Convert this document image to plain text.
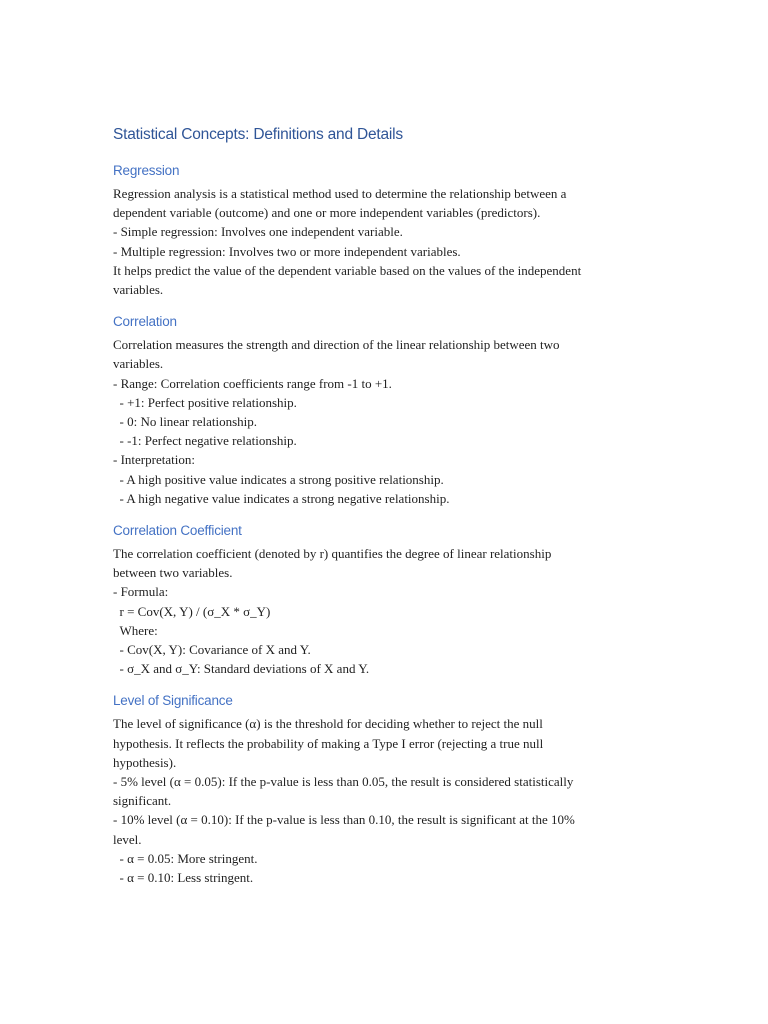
Statistical Concepts: Definitions and Details
Regression
Regression analysis is a statistical method used to determine the relationship between a
dependent variable (outcome) and one or more independent variables (predictors).
- Simple regression: Involves one independent variable.
- Multiple regression: Involves two or more independent variables.
It helps predict the value of the dependent variable based on the values of the independent
variables.
Correlation
Correlation measures the strength and direction of the linear relationship between two
variables.
- Range: Correlation coefficients range from -1 to +1.
- +1: Perfect positive relationship.
- 0: No linear relationship.
- -1: Perfect negative relationship.
- Interpretation:
- A high positive value indicates a strong positive relationship.
- A high negative value indicates a strong negative relationship.
Correlation Coefficient
The correlation coefficient (denoted by r) quantifies the degree of linear relationship
between two variables.
- Formula:
r = Cov(X, Y) / (σ_X * σ_Y)
Where:
- Cov(X, Y): Covariance of X and Y.
- σ_X and σ_Y: Standard deviations of X and Y.
Level of Significance
The level of significance (α) is the threshold for deciding whether to reject the null
hypothesis. It reflects the probability of making a Type I error (rejecting a true null
hypothesis).
- 5% level (α = 0.05): If the p-value is less than 0.05, the result is considered statistically
significant.
- 10% level (α = 0.10): If the p-value is less than 0.10, the result is significant at the 10%
level.
- α = 0.05: More stringent.
- α = 0.10: Less stringent.
